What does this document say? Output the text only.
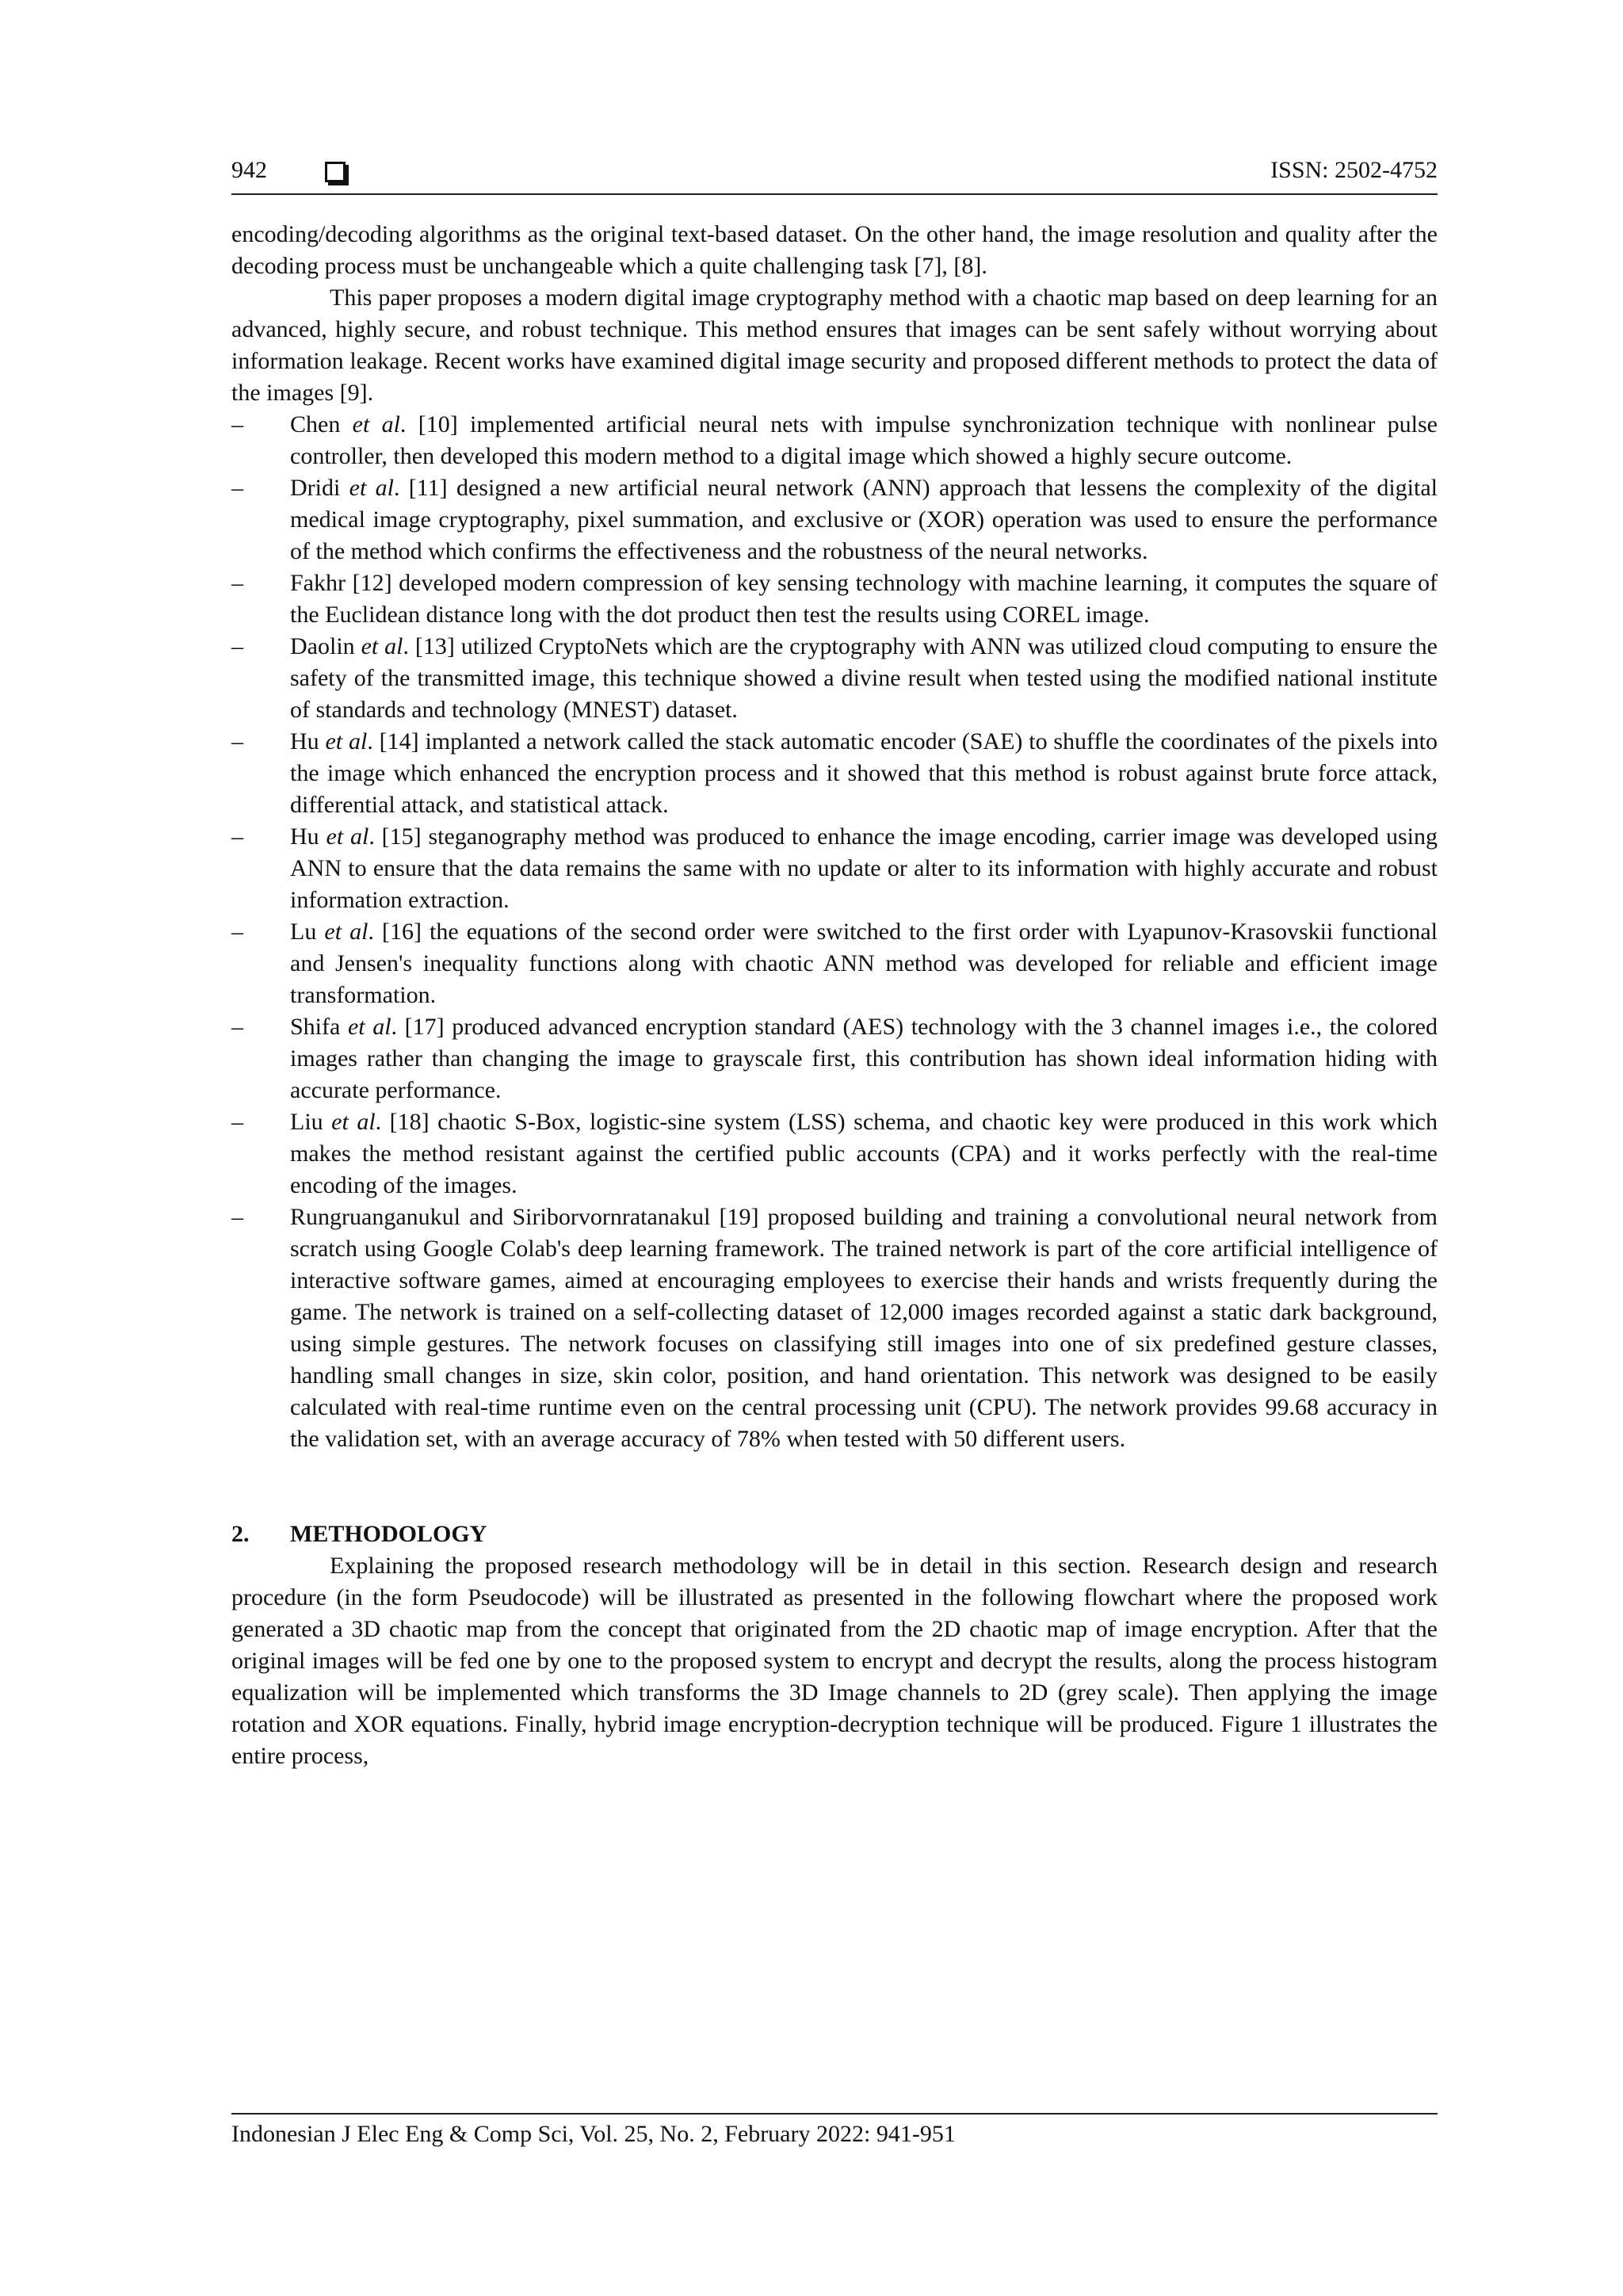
942	ISSN: 2502-4752

encoding/decoding algorithms as the original text-based dataset. On the other hand, the image resolution and quality after the decoding process must be unchangeable which a quite challenging task [7], [8].

This paper proposes a modern digital image cryptography method with a chaotic map based on deep learning for an advanced, highly secure, and robust technique. This method ensures that images can be sent safely without worrying about information leakage. Recent works have examined digital image security and proposed different methods to protect the data of the images [9].

– Chen et al. [10] implemented artificial neural nets with impulse synchronization technique with nonlinear pulse controller, then developed this modern method to a digital image which showed a highly secure outcome.
– Dridi et al. [11] designed a new artificial neural network (ANN) approach that lessens the complexity of the digital medical image cryptography, pixel summation, and exclusive or (XOR) operation was used to ensure the performance of the method which confirms the effectiveness and the robustness of the neural networks.
– Fakhr [12] developed modern compression of key sensing technology with machine learning, it computes the square of the Euclidean distance long with the dot product then test the results using COREL image.
– Daolin et al. [13] utilized CryptoNets which are the cryptography with ANN was utilized cloud computing to ensure the safety of the transmitted image, this technique showed a divine result when tested using the modified national institute of standards and technology (MNEST) dataset.
– Hu et al. [14] implanted a network called the stack automatic encoder (SAE) to shuffle the coordinates of the pixels into the image which enhanced the encryption process and it showed that this method is robust against brute force attack, differential attack, and statistical attack.
– Hu et al. [15] steganography method was produced to enhance the image encoding, carrier image was developed using ANN to ensure that the data remains the same with no update or alter to its information with highly accurate and robust information extraction.
– Lu et al. [16] the equations of the second order were switched to the first order with Lyapunov-Krasovskii functional and Jensen's inequality functions along with chaotic ANN method was developed for reliable and efficient image transformation.
– Shifa et al. [17] produced advanced encryption standard (AES) technology with the 3 channel images i.e., the colored images rather than changing the image to grayscale first, this contribution has shown ideal information hiding with accurate performance.
– Liu et al. [18] chaotic S-Box, logistic-sine system (LSS) schema, and chaotic key were produced in this work which makes the method resistant against the certified public accounts (CPA) and it works perfectly with the real-time encoding of the images.
– Rungruanganukul and Siriborvornratanakul [19] proposed building and training a convolutional neural network from scratch using Google Colab's deep learning framework. The trained network is part of the core artificial intelligence of interactive software games, aimed at encouraging employees to exercise their hands and wrists frequently during the game. The network is trained on a self-collecting dataset of 12,000 images recorded against a static dark background, using simple gestures. The network focuses on classifying still images into one of six predefined gesture classes, handling small changes in size, skin color, position, and hand orientation. This network was designed to be easily calculated with real-time runtime even on the central processing unit (CPU). The network provides 99.68 accuracy in the validation set, with an average accuracy of 78% when tested with 50 different users.
2. METHODOLOGY

Explaining the proposed research methodology will be in detail in this section. Research design and research procedure (in the form Pseudocode) will be illustrated as presented in the following flowchart where the proposed work generated a 3D chaotic map from the concept that originated from the 2D chaotic map of image encryption. After that the original images will be fed one by one to the proposed system to encrypt and decrypt the results, along the process histogram equalization will be implemented which transforms the 3D Image channels to 2D (grey scale). Then applying the image rotation and XOR equations. Finally, hybrid image encryption-decryption technique will be produced. Figure 1 illustrates the entire process,

Indonesian J Elec Eng & Comp Sci, Vol. 25, No. 2, February 2022: 941-951
